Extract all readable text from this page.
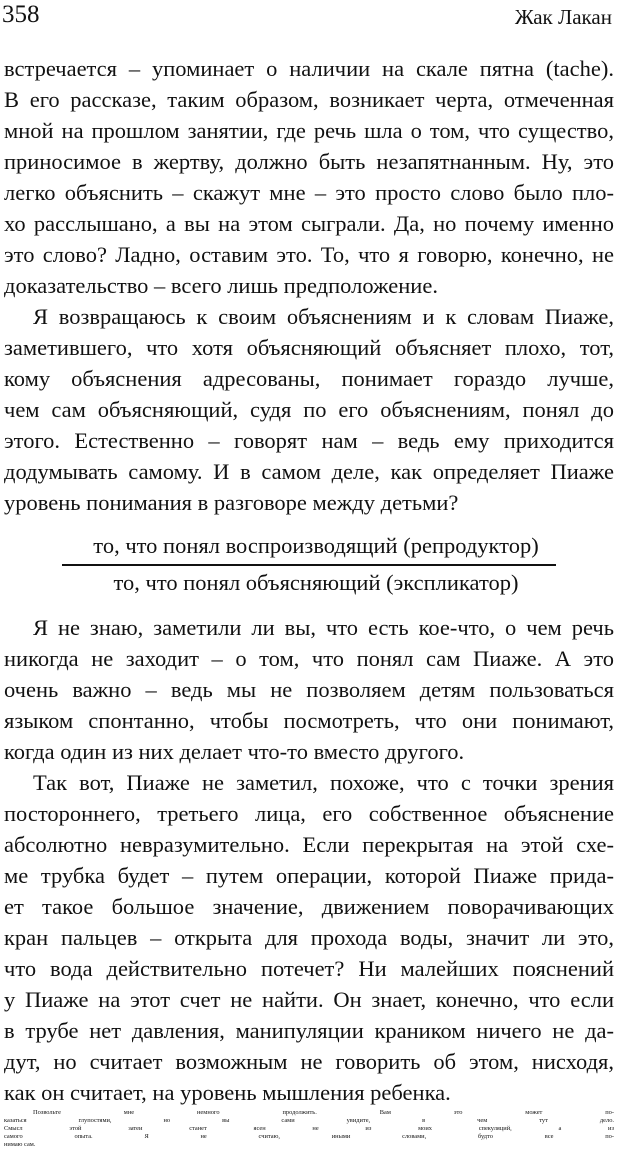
358	Жак Лакан
встречается – упоминает о наличии на скале пятна (tache).
В его рассказе, таким образом, возникает черта, отмеченная
мной на прошлом занятии, где речь шла о том, что существо,
приносимое в жертву, должно быть незапятнанным. Ну, это
легко объяснить – скажут мне – это просто слово было пло-
хо расслышано, а вы на этом сыграли. Да, но почему именно
это слово? Ладно, оставим это. То, что я говорю, конечно, не
доказательство – всего лишь предположение.
Я возвращаюсь к своим объяснениям и к словам Пиаже,
заметившего, что хотя объясняющий объясняет плохо, тот,
кому объяснения адресованы, понимает гораздо лучше,
чем сам объясняющий, судя по его объяснениям, понял до
этого. Естественно – говорят нам – ведь ему приходится
додумывать самому. И в самом деле, как определяет Пиаже
уровень понимания в разговоре между детьми?
то, что понял воспроизводящий (репродуктор)
то, что понял объясняющий (экспликатор)
Я не знаю, заметили ли вы, что есть кое-что, о чем речь
никогда не заходит – о том, что понял сам Пиаже. А это
очень важно – ведь мы не позволяем детям пользоваться
языком спонтанно, чтобы посмотреть, что они понимают,
когда один из них делает что-то вместо другого.
Так вот, Пиаже не заметил, похоже, что с точки зрения
постороннего, третьего лица, его собственное объяснение
абсолютно невразумительно. Если перекрытая на этой схе-
ме трубка будет – путем операции, которой Пиаже прида-
ет такое большое значение, движением поворачивающих
кран пальцев – открыта для прохода воды, значит ли это,
что вода действительно потечет? Ни малейших пояснений
у Пиаже на этот счет не найти. Он знает, конечно, что если
в трубе нет давления, манипуляции краником ничего не да-
дут, но считает возможным не говорить об этом, нисходя,
как он считает, на уровень мышления ребенка.
Позвольте мне немного продолжить. Вам это может по-
казаться глупостями, но вы сами увидите, в чем тут дело.
Смысл этой затеи станет ясен не из моих спекуляций, а из
самого опыта. Я не считаю, иными словами, будто все по-
нимаю сам.
